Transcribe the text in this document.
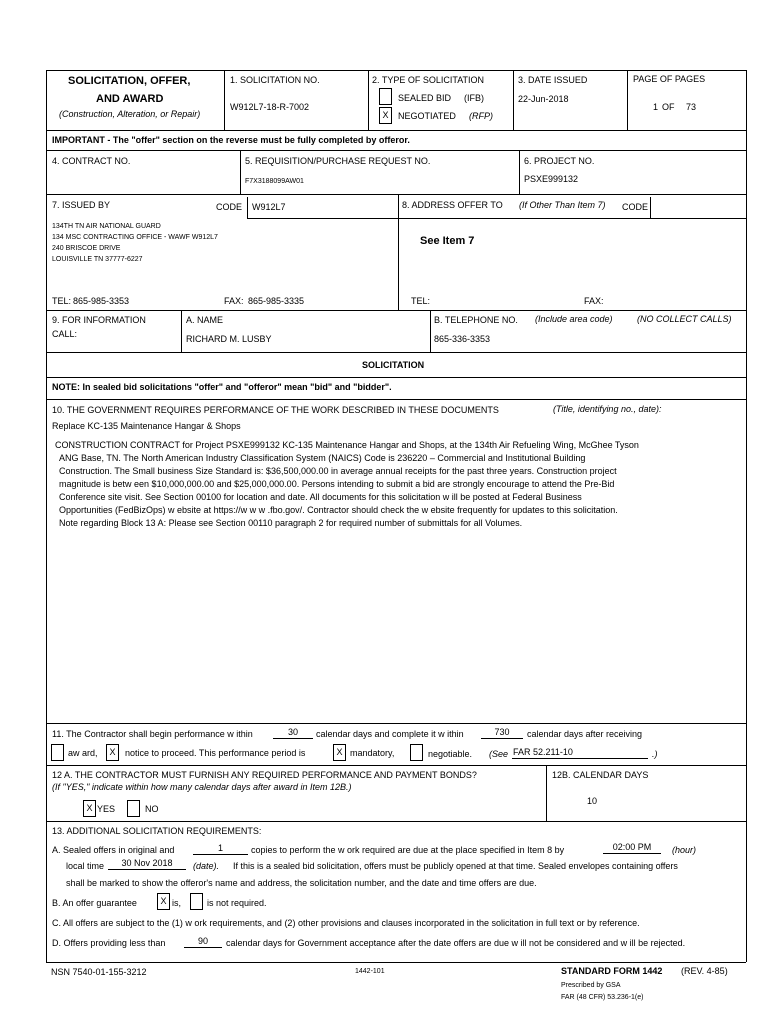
SOLICITATION, OFFER,
AND AWARD
(Construction, Alteration, or Repair)
1. SOLICITATION NO.
W912L7-18-R-7002
2. TYPE OF SOLICITATION
SEALED BID (IFB)
X	NEGOTIATED (RFP)
3. DATE ISSUED
22-Jun-2018
PAGE OF PAGES
1 OF 73
IMPORTANT - The "offer" section on the reverse must be fully completed by offeror.
4. CONTRACT NO.	5. REQUISITION/PURCHASE REQUEST NO.
F7X3188099AW01
6. PROJECT NO.
PSXE999132
7. ISSUED BY	CODE W912L7
134TH TN AIR NATIONAL GUARD
134 MSC CONTRACTING OFFICE - WAWF W912L7
240 BRISCOE DRIVE
LOUISVILLE TN 37777-6227
TEL: 865-985-3353	FAX: 865-985-3335
8. ADDRESS OFFER TO (If Other Than Item 7) CODE
See Item 7
TEL:	FAX:
9. FOR INFORMATION
CALL:
A. NAME
RICHARD M. LUSBY
B. TELEPHONE NO. (Include area code)	(NO COLLECT CALLS)
865-336-3353
SOLICITATION
NOTE: In sealed bid solicitations "offer" and "offeror" mean "bid" and "bidder".
10. THE GOVERNMENT REQUIRES PERFORMANCE OF THE WORK DESCRIBED IN THESE DOCUMENTS	(Title, identifying no., date):
Replace KC-135 Maintenance Hangar & Shops
CONSTRUCTION CONTRACT for Project PSXE999132 KC-135 Maintenance Hangar and Shops, at the 134th Air Refueling Wing, McGhee Tyson
ANG Base, TN. The North American Industry Classification System (NAICS) Code is 236220 – Commercial and Institutional Building
Construction. The Small business Size Standard is: $36,500,000.00 in average annual receipts for the past three years. Construction project
magnitude is betw een $10,000,000.00 and $25,000,000.00. Persons intending to submit a bid are strongly encourage to attend the Pre-Bid
Conference site visit. See Section 00100 for location and date. All documents for this solicitation w ill be posted at Federal Business
Opportunities (FedBizOps) w ebsite at https://w w w .fbo.gov/. Contractor should check the w ebsite frequently for updates to this solicitation.
Note regarding Block 13 A: Please see Section 00110 paragraph 2 for required number of submittals for all Volumes.
11. The Contractor shall begin performance w ithin	30	calendar days and complete it w ithin	730	calendar days after receiving
aw ard,	X	notice to proceed. This performance period is	X mandatory,	negotiable. (See FAR 52.211-10	.)
12 A. THE CONTRACTOR MUST FURNISH ANY REQUIRED PERFORMANCE AND PAYMENT BONDS?
(If "YES," indicate within how many calendar days after award in Item 12B.)
X YES	NO
12B. CALENDAR DAYS
10
13. ADDITIONAL SOLICITATION REQUIREMENTS:
A. Sealed offers in original and	1	copies to perform the w ork required are due at the place specified in Item 8 by	02:00 PM	(hour)
local time	30 Nov 2018	(date). If this is a sealed bid solicitation, offers must be publicly opened at that time. Sealed envelopes containing offers
shall be marked to show the offeror's name and address, the solicitation number, and the date and time offers are due.
B. An offer guarantee	X is,	is not required.
C. All offers are subject to the (1) w ork requirements, and (2) other provisions and clauses incorporated in the solicitation in full text or by reference.
D. Offers providing less than	90	calendar days for Government acceptance after the date offers are due w ill not be considered and w ill be rejected.
NSN 7540-01-155-3212	1442-101	STANDARD FORM 1442 (REV. 4-85)
Prescribed by GSA
FAR (48 CFR) 53.236-1(e)
